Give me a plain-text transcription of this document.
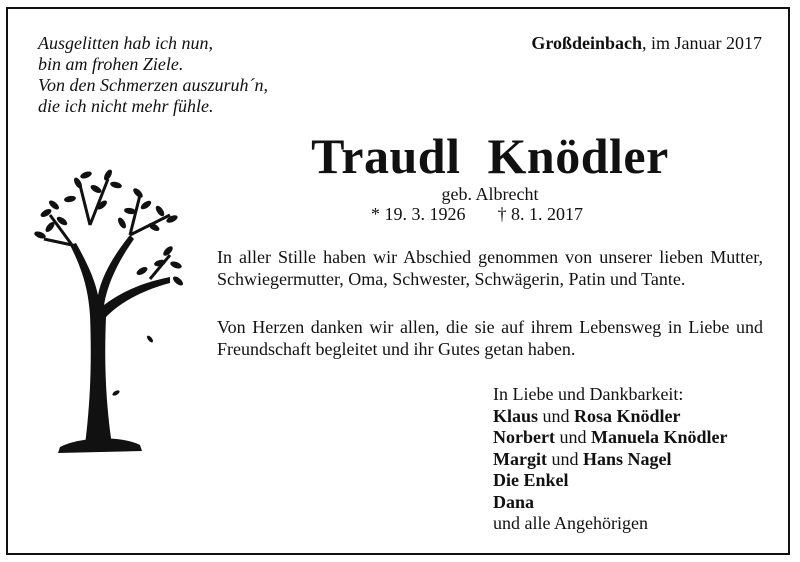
Ausgelitten hab ich nun,
bin am frohen Ziele.
Von den Schmerzen auszuruh´n,
die ich nicht mehr fühle.
Großdeinbach, im Januar 2017
Traudl Knödler
geb. Albrecht
* 19. 3. 1926 † 8. 1. 2017
In aller Stille haben wir Abschied genommen von unserer lieben Mutter, Schwiegermutter, Oma, Schwester, Schwägerin, Patin und Tante.
Von Herzen danken wir allen, die sie auf ihrem Lebensweg in Liebe und Freundschaft begleitet und ihr Gutes getan haben.
In Liebe und Dankbarkeit:
Klaus und Rosa Knödler
Norbert und Manuela Knödler
Margit und Hans Nagel
Die Enkel
Dana
und alle Angehörigen
